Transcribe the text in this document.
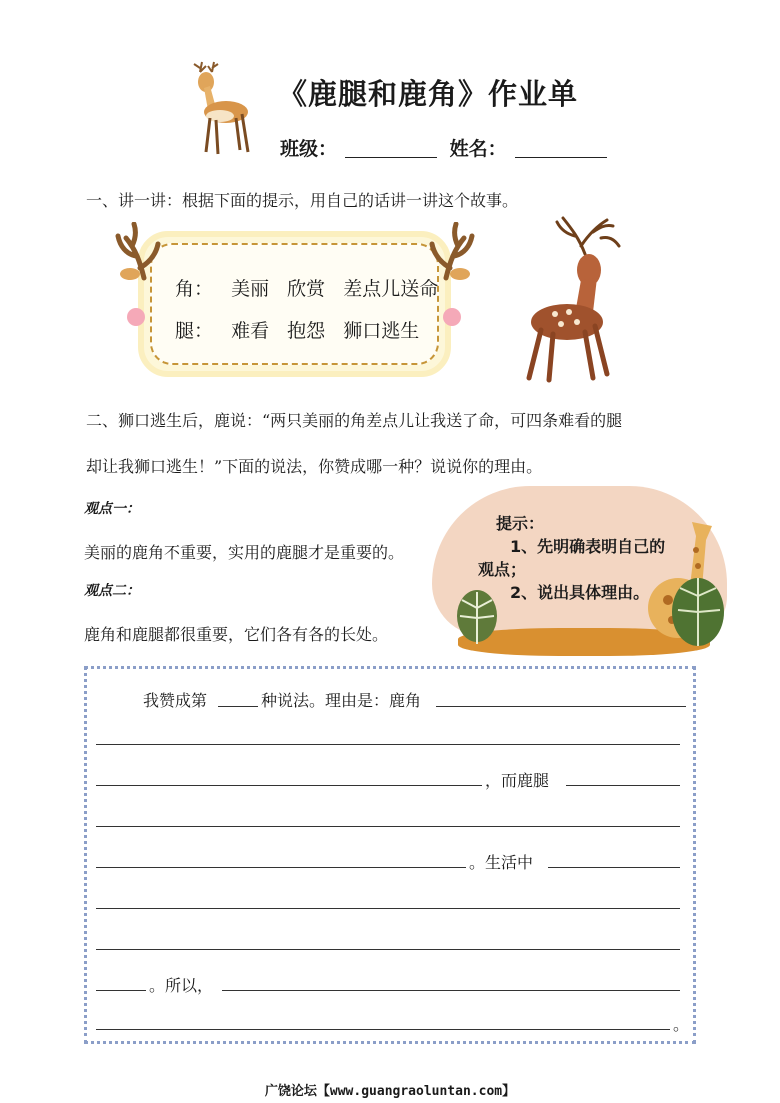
《鹿腿和鹿角》作业单
班级：	姓名：
一、讲一讲：根据下面的提示，用自己的话讲一讲这个故事。
角： 美丽 欣赏 差点儿送命
腿： 难看 抱怨 狮口逃生
二、狮口逃生后，鹿说：“两只美丽的角差点儿让我送了命，可四条难看的腿
却让我狮口逃生！”下面的说法，你赞成哪一种？说说你的理由。
观点一：
美丽的鹿角不重要，实用的鹿腿才是重要的。
观点二：
鹿角和鹿腿都很重要，它们各有各的长处。
提示：
1、先明确表明自己的
观点；
2、说出具体理由。
我赞成第	种说法。理由是：鹿角
，而鹿腿
。生活中
。所以，
。
广饶论坛【www.guangraoluntan.com】
